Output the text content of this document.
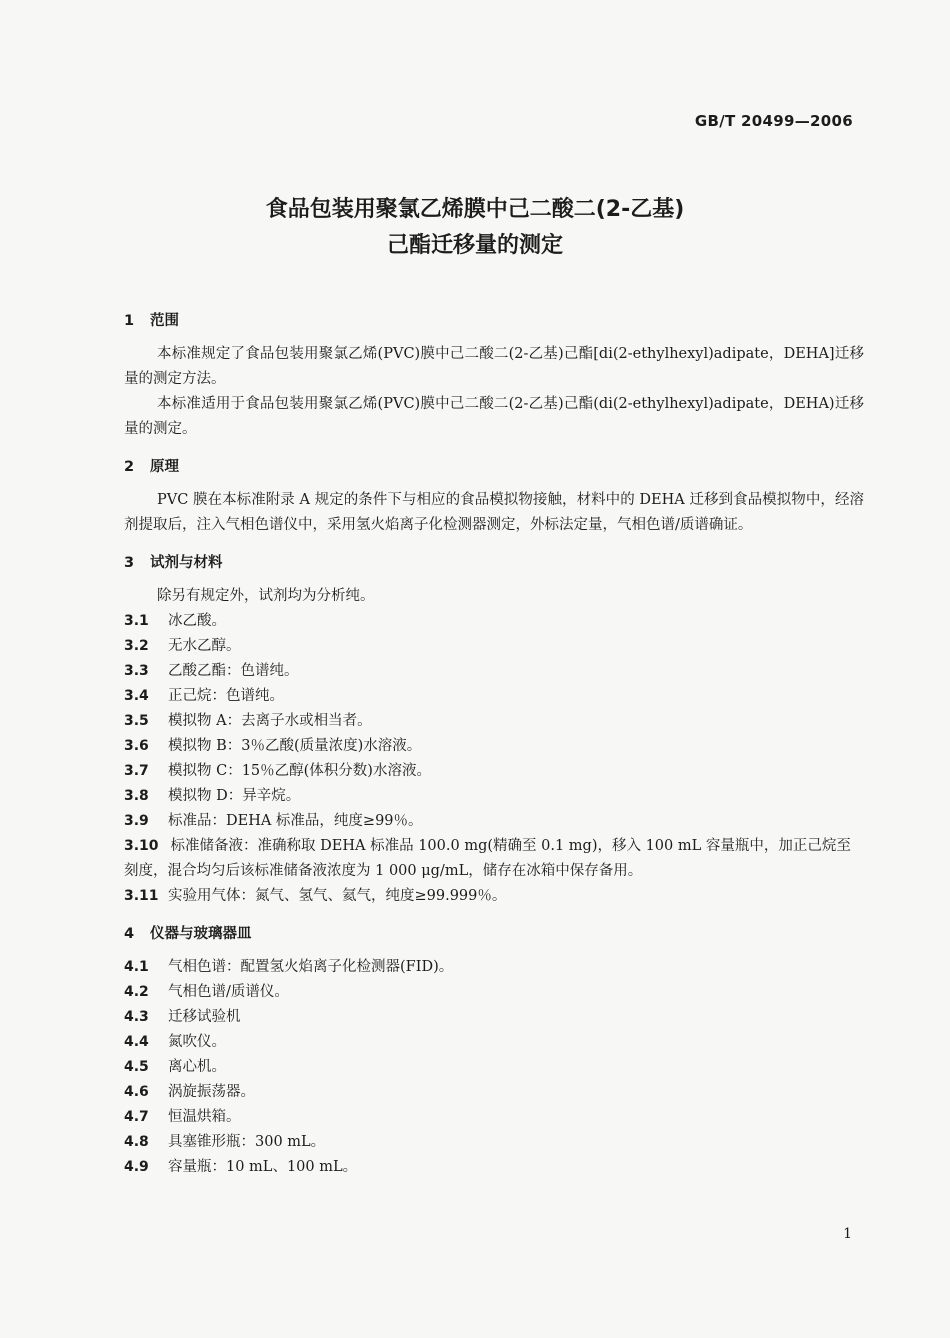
GB/T 20499—2006
食品包装用聚氯乙烯膜中己二酸二(2-乙基)
己酯迁移量的测定
1 范围

本标准规定了食品包装用聚氯乙烯(PVC)膜中己二酸二(2-乙基)己酯[di(2-ethylhexyl)adipate，DEHA]迁移量的测定方法。

本标准适用于食品包装用聚氯乙烯(PVC)膜中己二酸二(2-乙基)己酯(di(2-ethylhexyl)adipate，DEHA)迁移量的测定。

2 原理

PVC 膜在本标准附录 A 规定的条件下与相应的食品模拟物接触，材料中的 DEHA 迁移到食品模拟物中，经溶剂提取后，注入气相色谱仪中，采用氢火焰离子化检测器测定，外标法定量，气相色谱/质谱确证。

3 试剂与材料

除另有规定外，试剂均为分析纯。

3.1 冰乙酸。
3.2 无水乙醇。
3.3 乙酸乙酯：色谱纯。
3.4 正己烷：色谱纯。
3.5 模拟物 A：去离子水或相当者。
3.6 模拟物 B：3％乙酸(质量浓度)水溶液。
3.7 模拟物 C：15％乙醇(体积分数)水溶液。
3.8 模拟物 D：异辛烷。
3.9 标准品：DEHA 标准品，纯度≥99％。
3.10 标准储备液：准确称取 DEHA 标准品 100.0 mg(精确至 0.1 mg)，移入 100 mL 容量瓶中，加正己烷至刻度，混合均匀后该标准储备液浓度为 1 000 μg/mL，储存在冰箱中保存备用。
3.11 实验用气体：氮气、氢气、氦气，纯度≥99.999％。
4 仪器与玻璃器皿
4.1 气相色谱：配置氢火焰离子化检测器(FID)。
4.2 气相色谱/质谱仪。
4.3 迁移试验机
4.4 氮吹仪。
4.5 离心机。
4.6 涡旋振荡器。
4.7 恒温烘箱。
4.8 具塞锥形瓶：300 mL。
4.9 容量瓶：10 mL、100 mL。
1
